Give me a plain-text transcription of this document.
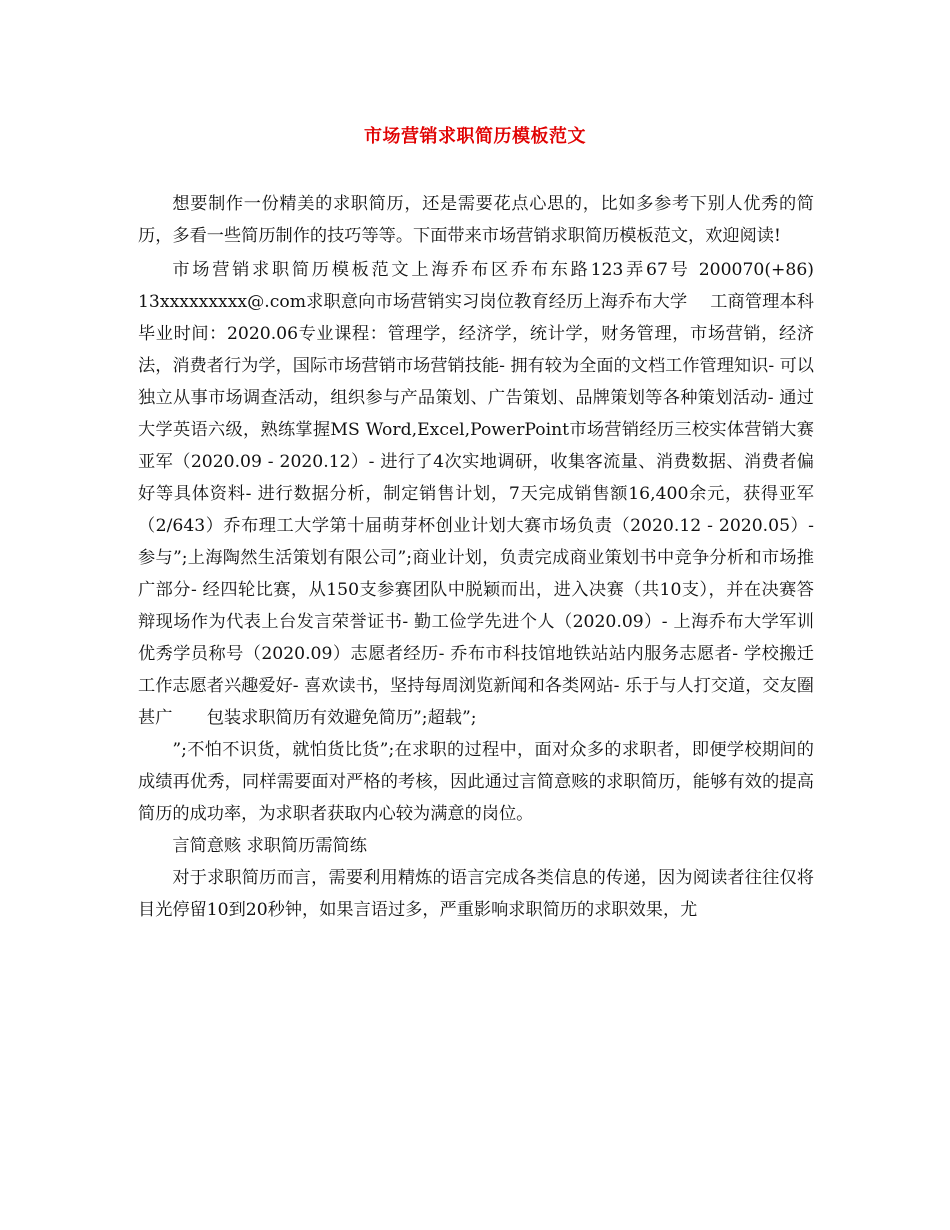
市场营销求职简历模板范文

想要制作一份精美的求职简历，还是需要花点心思的，比如多参考下别人优秀的简历，多看一些简历制作的技巧等等。下面带来市场营销求职简历模板范文，欢迎阅读!

市场营销求职简历模板范文上海乔布区乔布东路123弄67号 200070(+86) 13xxxxxxxxx@.com求职意向市场营销实习岗位教育经历上海乔布大学　 工商管理本科毕业时间：2020.06专业课程：管理学，经济学，统计学，财务管理，市场营销，经济法，消费者行为学，国际市场营销市场营销技能- 拥有较为全面的文档工作管理知识- 可以独立从事市场调查活动，组织参与产品策划、广告策划、品牌策划等各种策划活动- 通过大学英语六级，熟练掌握MS Word,Excel,PowerPoint市场营销经历三校实体营销大赛亚军（2020.09 - 2020.12）- 进行了4次实地调研，收集客流量、消费数据、消费者偏好等具体资料- 进行数据分析，制定销售计划，7天完成销售额16,400余元，获得亚军（2/643）乔布理工大学第十届萌芽杯创业计划大赛市场负责（2020.12 - 2020.05）- 参与”;上海陶然生活策划有限公司”;商业计划，负责完成商业策划书中竞争分析和市场推广部分- 经四轮比赛，从150支参赛团队中脱颖而出，进入决赛（共10支），并在决赛答辩现场作为代表上台发言荣誉证书- 勤工俭学先进个人（2020.09）- 上海乔布大学军训优秀学员称号（2020.09）志愿者经历- 乔布市科技馆地铁站站内服务志愿者- 学校搬迁工作志愿者兴趣爱好- 喜欢读书，坚持每周浏览新闻和各类网站- 乐于与人打交道，交友圈甚广　　包装求职简历有效避免简历”;超载”;

”;不怕不识货，就怕货比货”;在求职的过程中，面对众多的求职者，即便学校期间的成绩再优秀，同样需要面对严格的考核，因此通过言简意赅的求职简历，能够有效的提高简历的成功率，为求职者获取内心较为满意的岗位。

言简意赅 求职简历需简练

对于求职简历而言，需要利用精炼的语言完成各类信息的传递，因为阅读者往往仅将目光停留10到20秒钟，如果言语过多，严重影响求职简历的求职效果，尤
